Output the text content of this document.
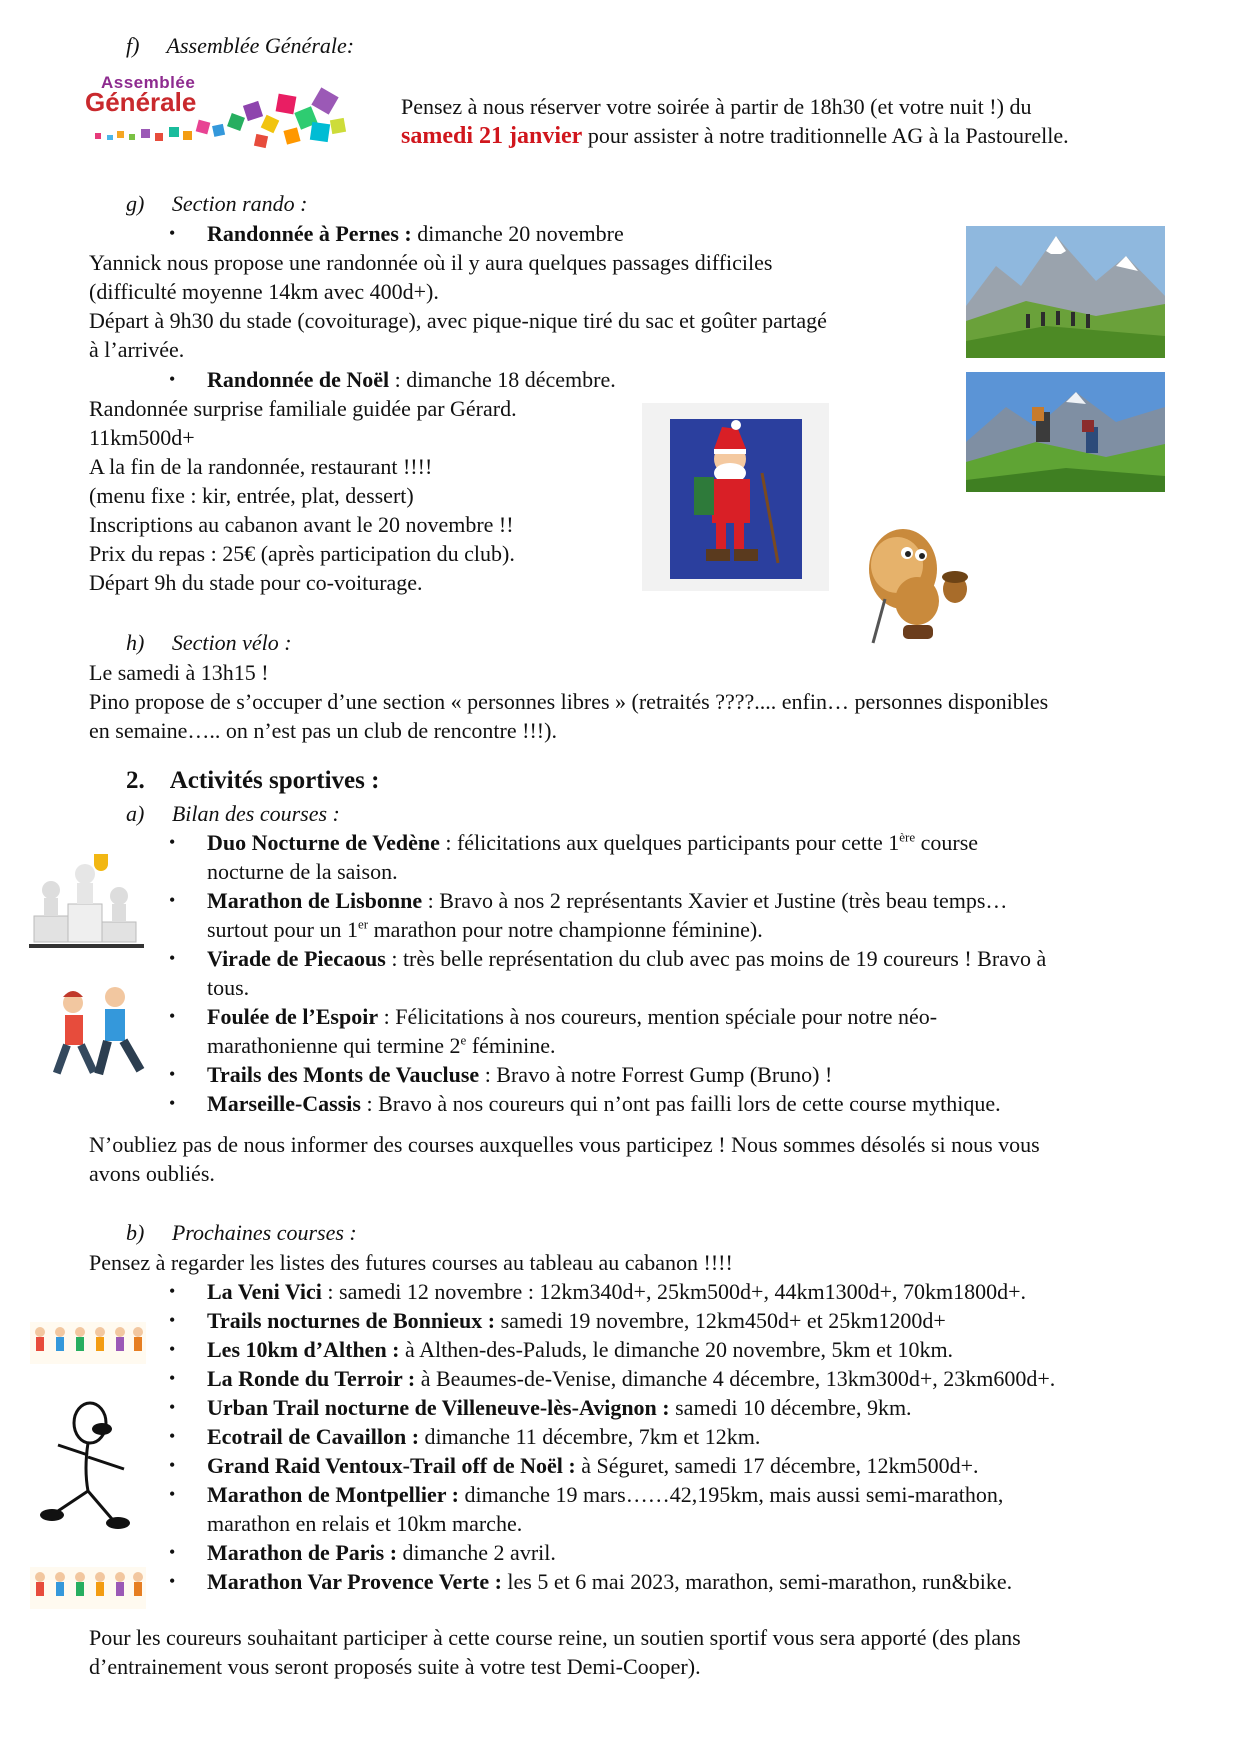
f)  Assemblée Générale:
Assemblée
Générale	Pensez à nous réserver votre soirée à partir de 18h30 (et votre nuit !) du
samedi 21 janvier pour assister à notre traditionnelle AG à la Pastourelle.
g)  Section rando :
• Randonnée à Pernes : dimanche 20 novembre
Yannick nous propose une randonnée où il y aura quelques passages difficiles
(difficulté moyenne 14km avec 400d+).
Départ à 9h30 du stade (covoiturage), avec pique-nique tiré du sac et goûter partagé
à l’arrivée.
• Randonnée de Noël : dimanche 18 décembre.
Randonnée surprise familiale guidée par Gérard.
11km500d+
A la fin de la randonnée, restaurant !!!!
(menu fixe : kir, entrée, plat, dessert)
Inscriptions au cabanon avant le 20 novembre !!
Prix du repas : 25€ (après participation du club).
Départ 9h du stade pour co-voiturage.
h)  Section vélo :
Le samedi à 13h15 !
Pino propose de s’occuper d’une section « personnes libres » (retraités ????.... enfin… personnes disponibles
en semaine….. on n’est pas un club de rencontre !!!).
2. Activités sportives :
a)  Bilan des courses :
• Duo Nocturne de Vedène : félicitations aux quelques participants pour cette 1ère course
nocturne de la saison.
• Marathon de Lisbonne : Bravo à nos 2 représentants Xavier et Justine (très beau temps…
surtout pour un 1er marathon pour notre championne féminine).
• Virade de Piecaous : très belle représentation du club avec pas moins de 19 coureurs ! Bravo à
tous.
• Foulée de l’Espoir : Félicitations à nos coureurs, mention spéciale pour notre néo-
marathonienne qui termine 2e féminine.
• Trails des Monts de Vaucluse : Bravo à notre Forrest Gump (Bruno) !
• Marseille-Cassis : Bravo à nos coureurs qui n’ont pas failli lors de cette course mythique.
N’oubliez pas de nous informer des courses auxquelles vous participez ! Nous sommes désolés si nous vous
avons oubliés.
b)  Prochaines courses :
Pensez à regarder les listes des futures courses au tableau au cabanon !!!!
• La Veni Vici : samedi 12 novembre : 12km340d+, 25km500d+, 44km1300d+, 70km1800d+.
• Trails nocturnes de Bonnieux : samedi 19 novembre, 12km450d+ et 25km1200d+
• Les 10km d’Althen : à Althen-des-Paluds, le dimanche 20 novembre, 5km et 10km.
• La Ronde du Terroir : à Beaumes-de-Venise, dimanche 4 décembre, 13km300d+, 23km600d+.
• Urban Trail nocturne de Villeneuve-lès-Avignon : samedi 10 décembre, 9km.
• Ecotrail de Cavaillon : dimanche 11 décembre, 7km et 12km.
• Grand Raid Ventoux-Trail off de Noël : à Séguret, samedi 17 décembre, 12km500d+.
• Marathon de Montpellier : dimanche 19 mars……42,195km, mais aussi semi-marathon,
marathon en relais et 10km marche.
• Marathon de Paris : dimanche 2 avril.
• Marathon Var Provence Verte : les 5 et 6 mai 2023, marathon, semi-marathon, run&bike.
Pour les coureurs souhaitant participer à cette course reine, un soutien sportif vous sera apporté (des plans
d’entrainement vous seront proposés suite à votre test Demi-Cooper).
